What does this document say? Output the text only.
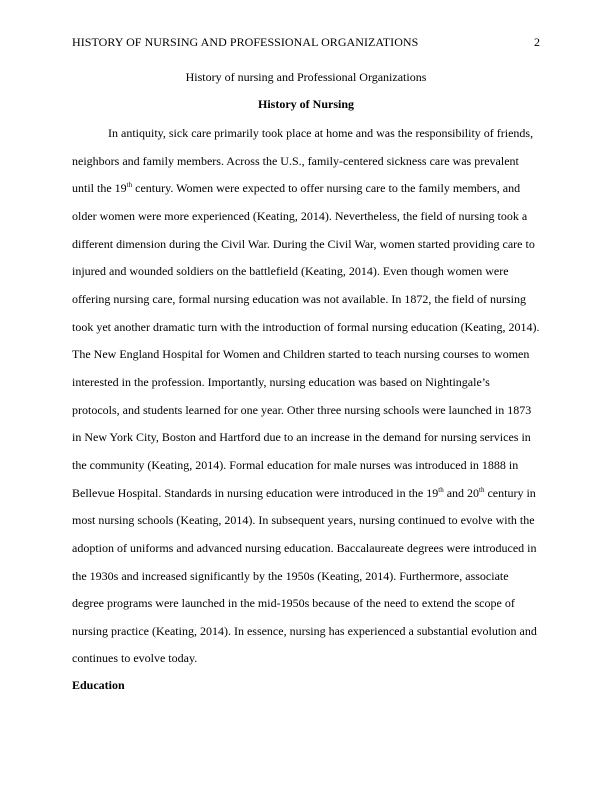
HISTORY OF NURSING AND PROFESSIONAL ORGANIZATIONS	2
History of nursing and Professional Organizations
History of Nursing
In antiquity, sick care primarily took place at home and was the responsibility of friends,
neighbors and family members. Across the U.S., family-centered sickness care was prevalent
until the 19th century. Women were expected to offer nursing care to the family members, and
older women were more experienced (Keating, 2014). Nevertheless, the field of nursing took a
different dimension during the Civil War. During the Civil War, women started providing care to
injured and wounded soldiers on the battlefield (Keating, 2014). Even though women were
offering nursing care, formal nursing education was not available. In 1872, the field of nursing
took yet another dramatic turn with the introduction of formal nursing education (Keating, 2014).
The New England Hospital for Women and Children started to teach nursing courses to women
interested in the profession. Importantly, nursing education was based on Nightingale’s
protocols, and students learned for one year. Other three nursing schools were launched in 1873
in New York City, Boston and Hartford due to an increase in the demand for nursing services in
the community (Keating, 2014). Formal education for male nurses was introduced in 1888 in
Bellevue Hospital. Standards in nursing education were introduced in the 19th and 20th century in
most nursing schools (Keating, 2014). In subsequent years, nursing continued to evolve with the
adoption of uniforms and advanced nursing education. Baccalaureate degrees were introduced in
the 1930s and increased significantly by the 1950s (Keating, 2014). Furthermore, associate
degree programs were launched in the mid-1950s because of the need to extend the scope of
nursing practice (Keating, 2014). In essence, nursing has experienced a substantial evolution and
continues to evolve today.
Education
